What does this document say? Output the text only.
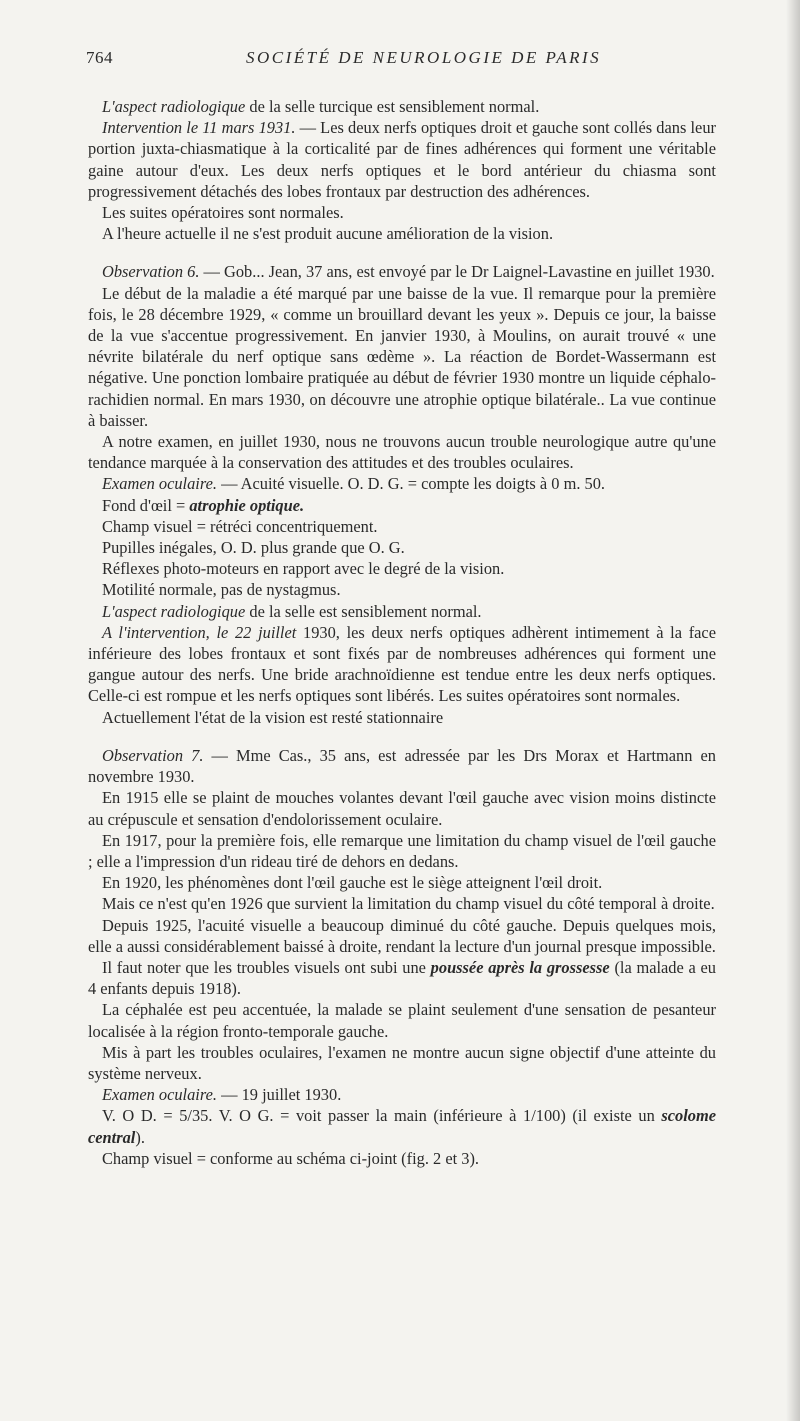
764	SOCIÉTÉ DE NEUROLOGIE DE PARIS

L'aspect radiologique de la selle turcique est sensiblement normal.

Intervention le 11 mars 1931. — Les deux nerfs optiques droit et gauche sont collés dans leur portion juxta-chiasmatique à la corticalité par de fines adhérences qui forment une véritable gaine autour d'eux. Les deux nerfs optiques et le bord antérieur du chiasma sont progressivement détachés des lobes frontaux par destruction des adhérences.

Les suites opératoires sont normales.

A l'heure actuelle il ne s'est produit aucune amélioration de la vision.

Observation 6. — Gob... Jean, 37 ans, est envoyé par le Dr Laignel-Lavastine en juillet 1930.

Le début de la maladie a été marqué par une baisse de la vue. Il remarque pour la première fois, le 28 décembre 1929, « comme un brouillard devant les yeux ». Depuis ce jour, la baisse de la vue s'accentue progressivement. En janvier 1930, à Moulins, on aurait trouvé « une névrite bilatérale du nerf optique sans œdème ». La réaction de Bordet-Wassermann est négative. Une ponction lombaire pratiquée au début de février 1930 montre un liquide céphalo-rachidien normal. En mars 1930, on découvre une atrophie optique bilatérale.. La vue continue à baisser.

A notre examen, en juillet 1930, nous ne trouvons aucun trouble neurologique autre qu'une tendance marquée à la conservation des attitudes et des troubles oculaires.

Examen oculaire. — Acuité visuelle. O. D. G. = compte les doigts à 0 m. 50.

Fond d'œil = atrophie optique.

Champ visuel = rétréci concentriquement.

Pupilles inégales, O. D. plus grande que O. G.

Réflexes photo-moteurs en rapport avec le degré de la vision.

Motilité normale, pas de nystagmus.

L'aspect radiologique de la selle est sensiblement normal.

A l'intervention, le 22 juillet 1930, les deux nerfs optiques adhèrent intimement à la face inférieure des lobes frontaux et sont fixés par de nombreuses adhérences qui forment une gangue autour des nerfs. Une bride arachnoïdienne est tendue entre les deux nerfs optiques. Celle-ci est rompue et les nerfs optiques sont libérés. Les suites opératoires sont normales.

Actuellement l'état de la vision est resté stationnaire

Observation 7. — Mme Cas., 35 ans, est adressée par les Drs Morax et Hartmann en novembre 1930.

En 1915 elle se plaint de mouches volantes devant l'œil gauche avec vision moins distincte au crépuscule et sensation d'endolorissement oculaire.

En 1917, pour la première fois, elle remarque une limitation du champ visuel de l'œil gauche ; elle a l'impression d'un rideau tiré de dehors en dedans.

En 1920, les phénomènes dont l'œil gauche est le siège atteignent l'œil droit.

Mais ce n'est qu'en 1926 que survient la limitation du champ visuel du côté temporal à droite.

Depuis 1925, l'acuité visuelle a beaucoup diminué du côté gauche. Depuis quelques mois, elle a aussi considérablement baissé à droite, rendant la lecture d'un journal presque impossible.

Il faut noter que les troubles visuels ont subi une poussée après la grossesse (la malade a eu 4 enfants depuis 1918).

La céphalée est peu accentuée, la malade se plaint seulement d'une sensation de pesanteur localisée à la région fronto-temporale gauche.

Mis à part les troubles oculaires, l'examen ne montre aucun signe objectif d'une atteinte du système nerveux.

Examen oculaire. — 19 juillet 1930.

V. O D. = 5/35. V. O G. = voit passer la main (inférieure à 1/100) (il existe un scolome central).

Champ visuel = conforme au schéma ci-joint (fig. 2 et 3).
